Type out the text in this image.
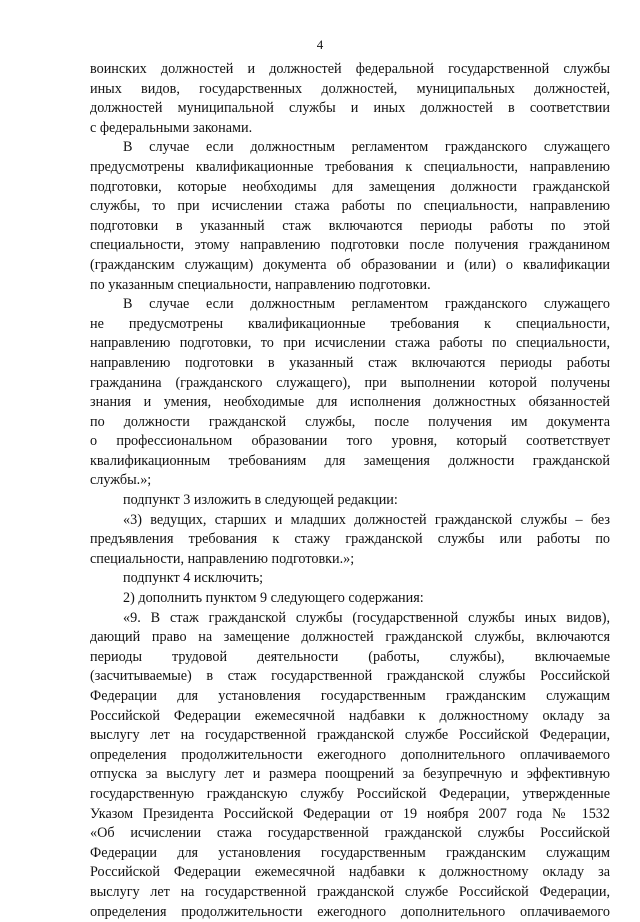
4
воинских должностей и должностей федеральной государственной службы
иных видов, государственных должностей, муниципальных должностей,
должностей муниципальной службы и иных должностей в соответствии
с федеральными законами.
В случае если должностным регламентом гражданского служащего
предусмотрены квалификационные требования к специальности, направлению
подготовки, которые необходимы для замещения должности гражданской
службы, то при исчислении стажа работы по специальности, направлению
подготовки в указанный стаж включаются периоды работы по этой
специальности, этому направлению подготовки после получения гражданином
(гражданским служащим) документа об образовании и (или) о квалификации
по указанным специальности, направлению подготовки.
В случае если должностным регламентом гражданского служащего
не предусмотрены квалификационные требования к специальности,
направлению подготовки, то при исчислении стажа работы по специальности,
направлению подготовки в указанный стаж включаются периоды работы
гражданина (гражданского служащего), при выполнении которой получены
знания и умения, необходимые для исполнения должностных обязанностей
по должности гражданской службы, после получения им документа
о профессиональном образовании того уровня, который соответствует
квалификационным требованиям для замещения должности гражданской
службы.»;
подпункт 3 изложить в следующей редакции:
«3) ведущих, старших и младших должностей гражданской службы – без
предъявления требования к стажу гражданской службы или работы по
специальности, направлению подготовки.»;
подпункт 4 исключить;
2) дополнить пунктом 9 следующего содержания:
«9. В стаж гражданской службы (государственной службы иных видов),
дающий право на замещение должностей гражданской службы, включаются
периоды трудовой деятельности (работы, службы), включаемые
(засчитываемые) в стаж государственной гражданской службы Российской
Федерации для установления государственным гражданским служащим
Российской Федерации ежемесячной надбавки к должностному окладу за
выслугу лет на государственной гражданской службе Российской Федерации,
определения продолжительности ежегодного дополнительного оплачиваемого
отпуска за выслугу лет и размера поощрений за безупречную и эффективную
государственную гражданскую службу Российской Федерации, утвержденные
Указом Президента Российской Федерации от 19 ноября 2007 года № 1532
«Об исчислении стажа государственной гражданской службы Российской
Федерации для установления государственным гражданским служащим
Российской Федерации ежемесячной надбавки к должностному окладу за
выслугу лет на государственной гражданской службе Российской Федерации,
определения продолжительности ежегодного дополнительного оплачиваемого
